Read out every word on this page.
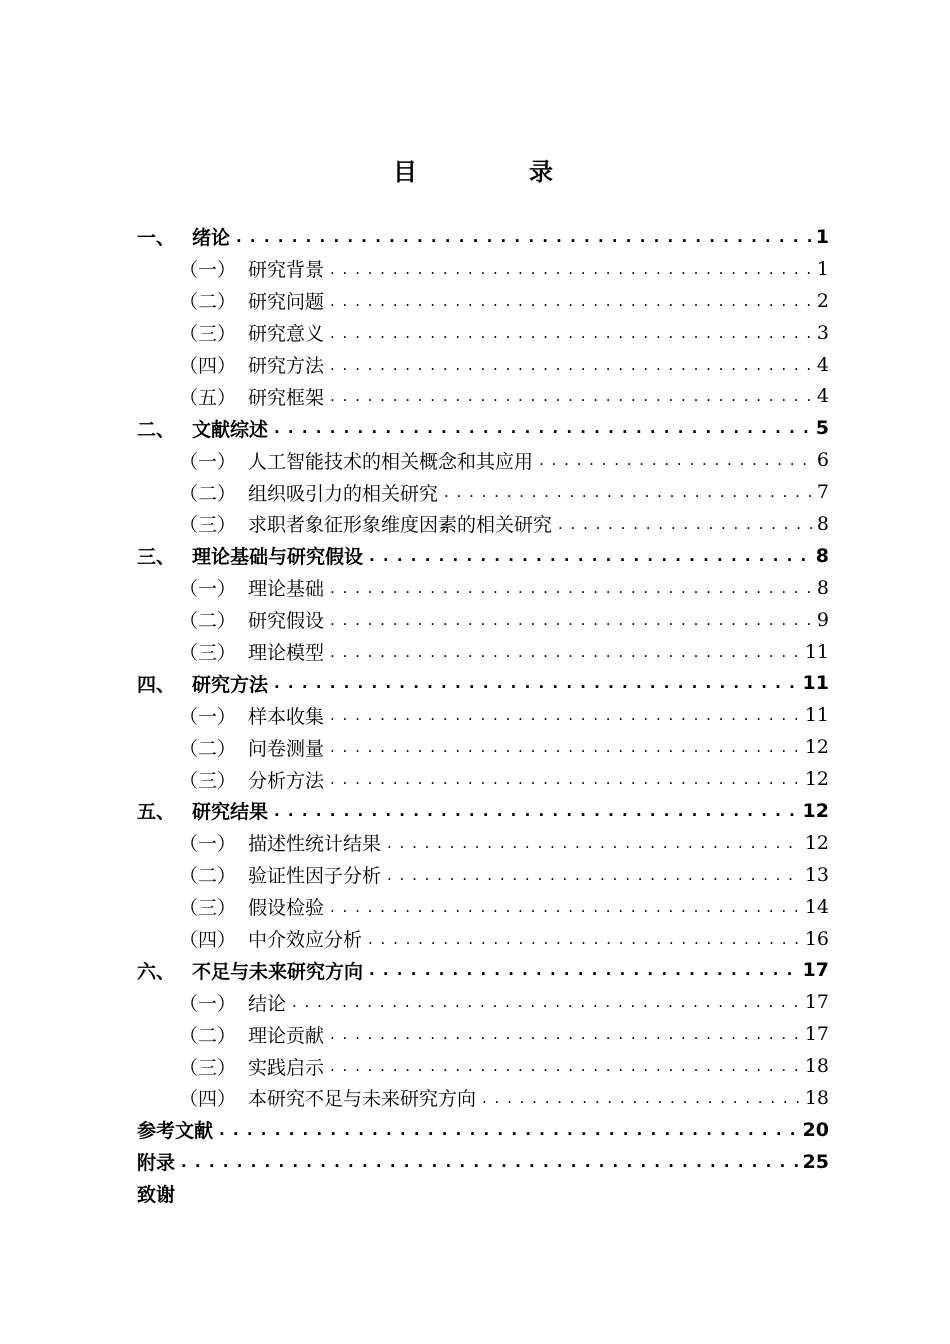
目　录
一、 绪论 . . .	1
（一） 研究背景 . . .	1
（二） 研究问题 . . .	2
（三） 研究意义 . . .	3
（四） 研究方法 . . .	4
（五） 研究框架 . . .	4
二、 文献综述 . . .	5
（一） 人工智能技术的相关概念和其应用 . . .	6
（二） 组织吸引力的相关研究 . . .	7
（三） 求职者象征形象维度因素的相关研究 . . .	8
三、 理论基础与研究假设 . . .	8
（一） 理论基础 . . .	8
（二） 研究假设 . . .	9
（三） 理论模型 . . .	11
四、 研究方法 . . .	11
（一） 样本收集 . . .	11
（二） 问卷测量 . . .	12
（三） 分析方法 . . .	12
五、 研究结果 . . .	12
（一） 描述性统计结果 . . .	12
（二） 验证性因子分析 . . .	13
（三） 假设检验 . . .	14
（四） 中介效应分析 . . .	16
六、 不足与未来研究方向 . . .	17
（一） 结论 . . .	17
（二） 理论贡献 . . .	17
（三） 实践启示 . . .	18
（四） 本研究不足与未来研究方向 . . .	18
参考文献 . . .	20
附录 . . .	25
致谢
